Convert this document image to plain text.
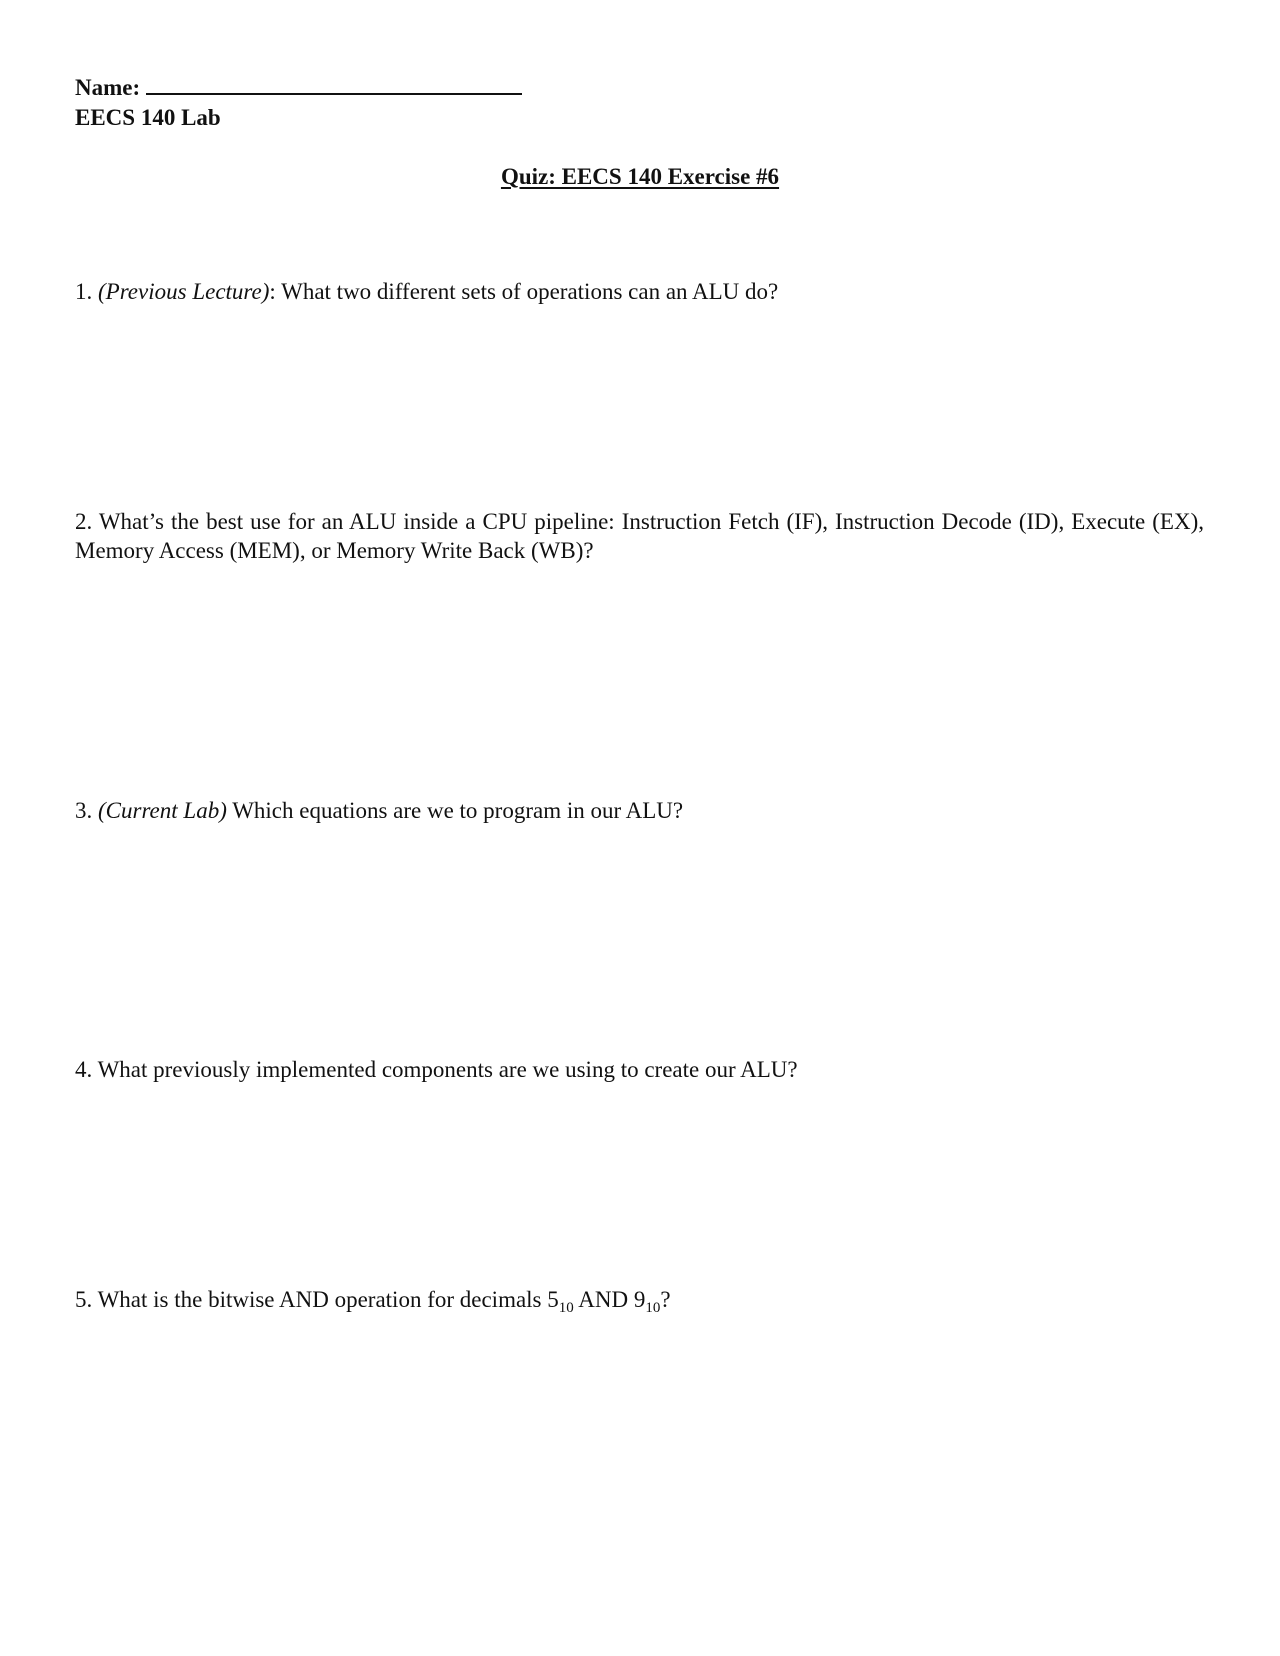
Name:
EECS 140 Lab
Quiz: EECS 140 Exercise #6
1. (Previous Lecture): What two different sets of operations can an ALU do?
2. What’s the best use for an ALU inside a CPU pipeline: Instruction Fetch (IF), Instruction Decode (ID), Execute (EX), Memory Access (MEM), or Memory Write Back (WB)?
3. (Current Lab) Which equations are we to program in our ALU?
4. What previously implemented components are we using to create our ALU?
5. What is the bitwise AND operation for decimals $5_{10}$ AND $9_{10}$?
